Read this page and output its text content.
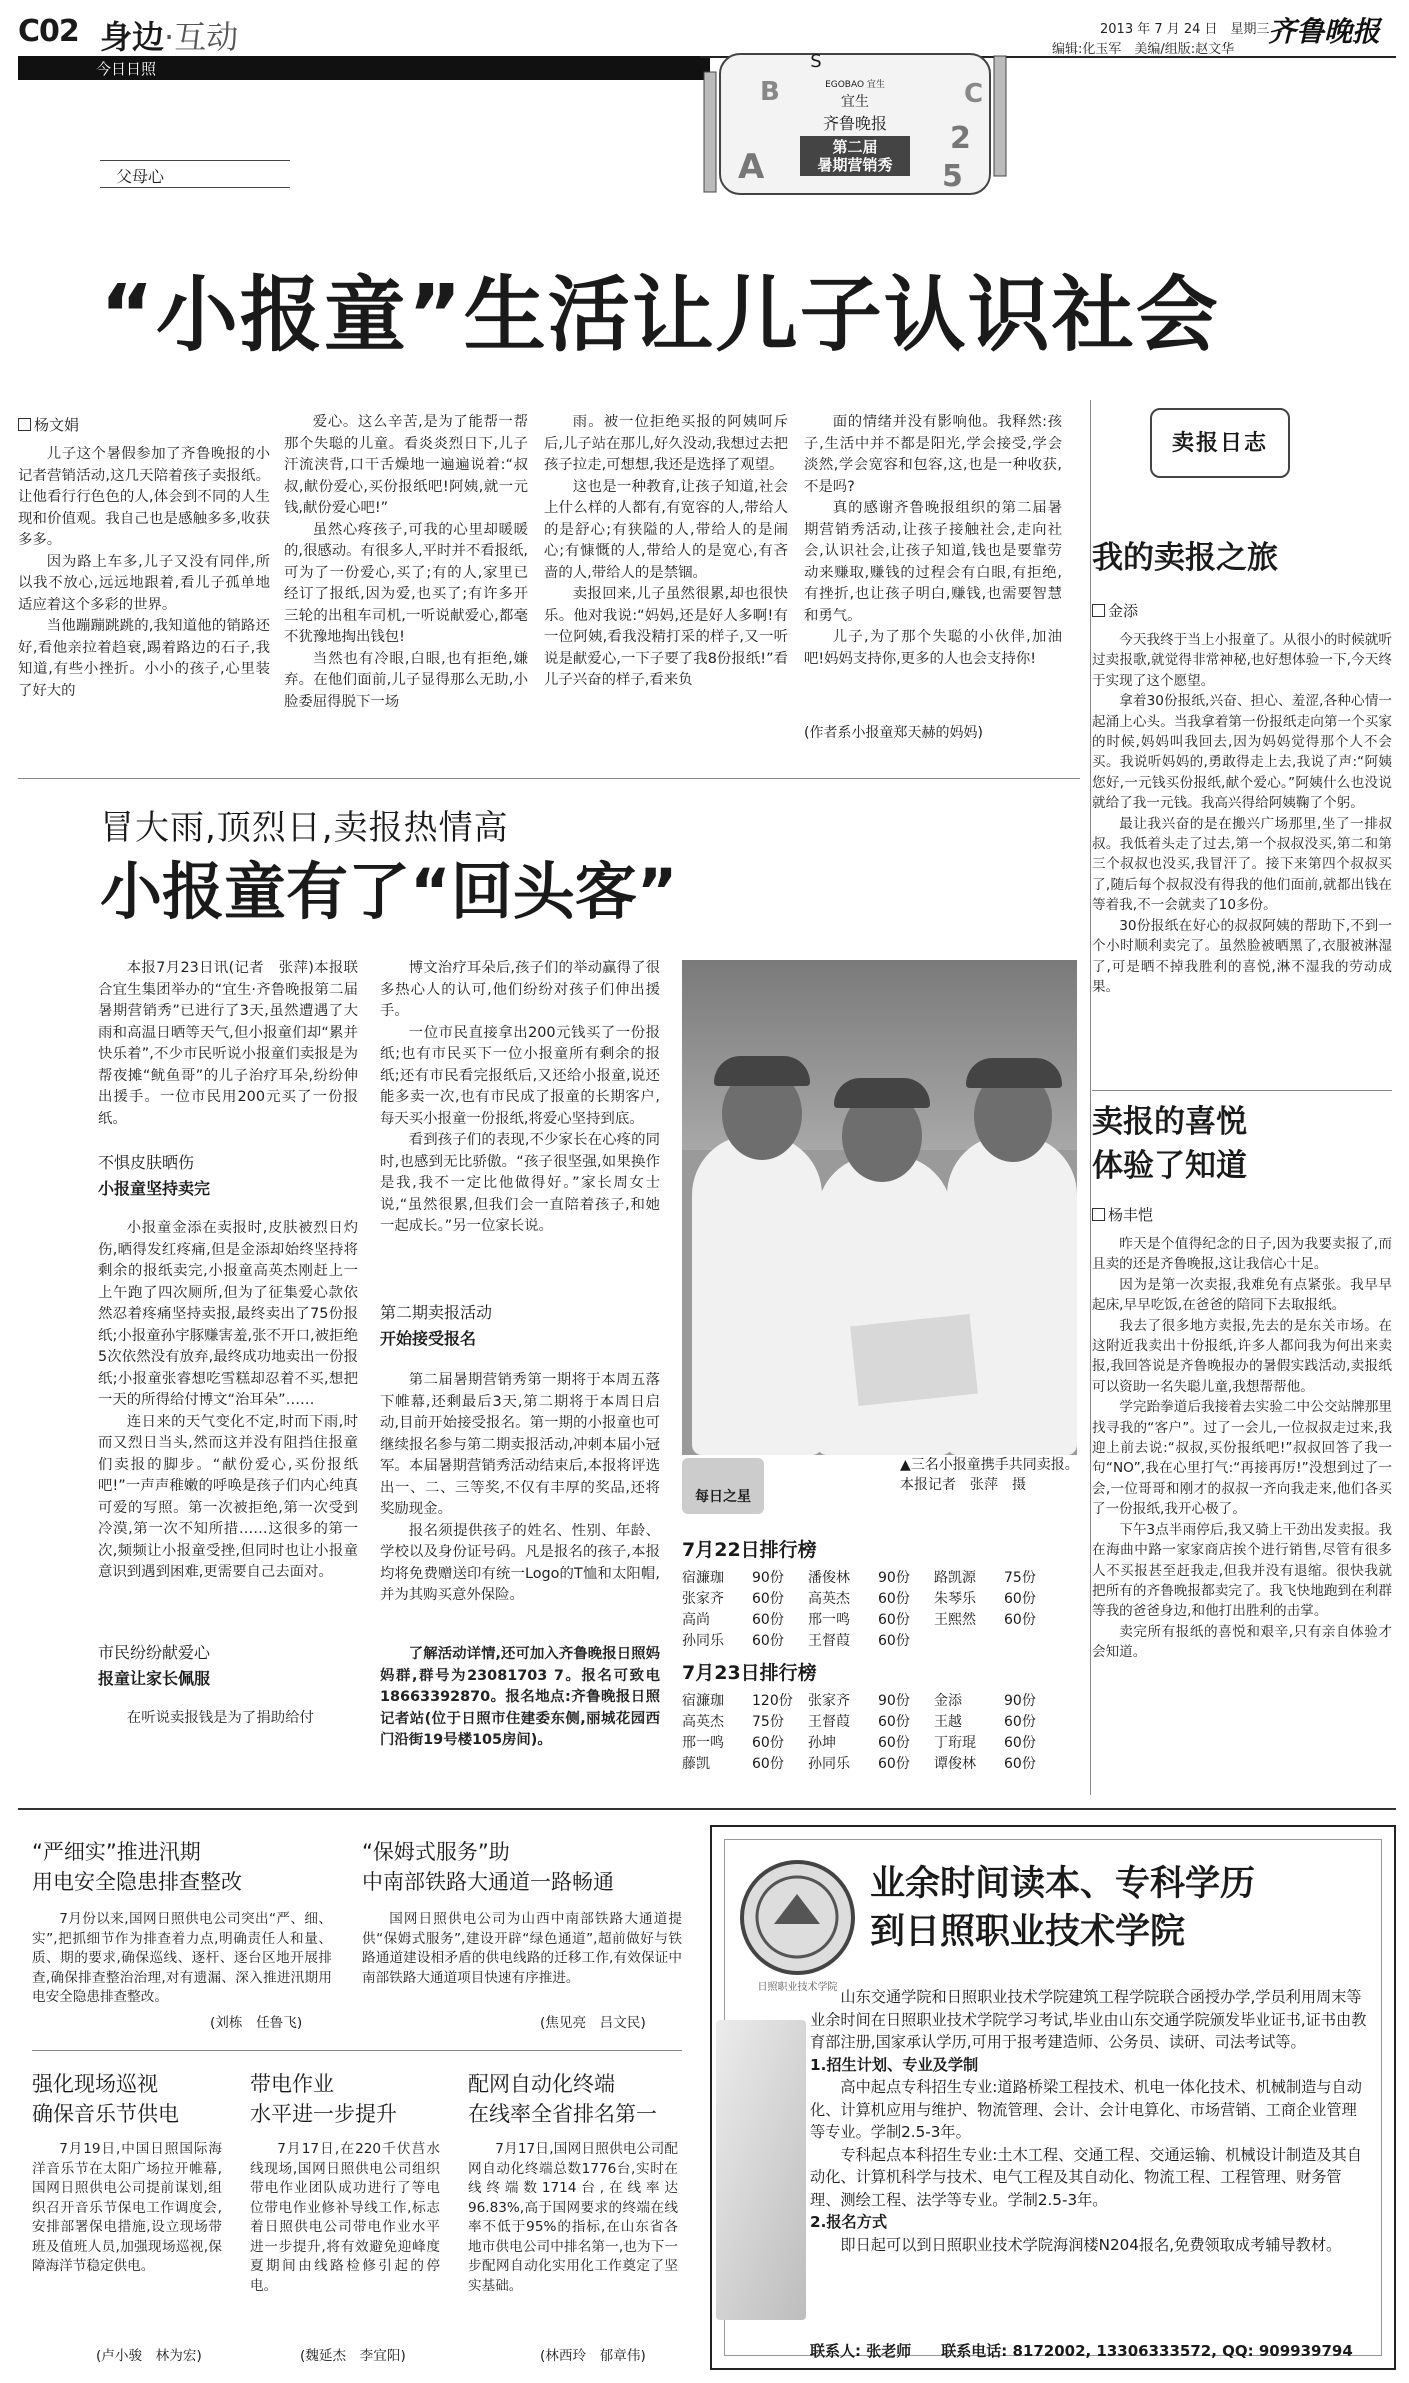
C02 身边·互动
今日日照
2013 年 7 月 24 日　星期三
编辑:化玉军　美编/组版:赵文华
齐鲁晚报
A
B	C
2
5
S
EGOBAO 宜生
宜生
齐鲁晚报
第二届
暑期营销秀
父母心
“小报童”生活让儿子认识社会
杨文娟

儿子这个暑假参加了齐鲁晚报的小记者营销活动,这几天陪着孩子卖报纸。让他看行行色色的人,体会到不同的人生现和价值观。我自己也是感触多多,收获多多。

因为路上车多,儿子又没有同伴,所以我不放心,远远地跟着,看儿子孤单地适应着这个多彩的世界。

当他蹦蹦跳跳的,我知道他的销路还好,看他亲拉着趋衰,踢着路边的石子,我知道,有些小挫折。小小的孩子,心里装了好大的

爱心。这么辛苦,是为了能帮一帮那个失聪的儿童。看炎炎烈日下,儿子汗流浃背,口干舌燥地一遍遍说着:“叔叔,献份爱心,买份报纸吧!阿姨,就一元钱,献份爱心吧!”

虽然心疼孩子,可我的心里却暖暖的,很感动。有很多人,平时并不看报纸,可为了一份爱心,买了;有的人,家里已经订了报纸,因为爱,也买了;有许多开三轮的出租车司机,一听说献爱心,都毫不犹豫地掏出钱包!

当然也有冷眼,白眼,也有拒绝,嫌弃。在他们面前,儿子显得那么无助,小脸委屈得脱下一场

雨。被一位拒绝买报的阿姨呵斥后,儿子站在那儿,好久没动,我想过去把孩子拉走,可想想,我还是选择了观望。

这也是一种教育,让孩子知道,社会上什么样的人都有,有宽容的人,带给人的是舒心;有狭隘的人,带给人的是闹心;有慷慨的人,带给人的是宽心,有吝啬的人,带给人的是禁锢。

卖报回来,儿子虽然很累,却也很快乐。他对我说:“妈妈,还是好人多啊!有一位阿姨,看我没精打采的样子,又一听说是献爱心,一下子要了我8份报纸!”看儿子兴奋的样子,看来负

面的情绪并没有影响他。我释然:孩子,生活中并不都是阳光,学会接受,学会淡然,学会宽容和包容,这,也是一种收获,不是吗?

真的感谢齐鲁晚报组织的第二届暑期营销秀活动,让孩子接触社会,走向社会,认识社会,让孩子知道,钱也是要靠劳动来赚取,赚钱的过程会有白眼,有拒绝,有挫折,也让孩子明白,赚钱,也需要智慧和勇气。

儿子,为了那个失聪的小伙伴,加油吧!妈妈支持你,更多的人也会支持你!

(作者系小报童郑天赫的妈妈)
冒大雨,顶烈日,卖报热情高
小报童有了“回头客”

本报7月23日讯(记者　张萍)本报联合宜生集团举办的“宜生·齐鲁晚报第二届暑期营销秀”已进行了3天,虽然遭遇了大雨和高温日晒等天气,但小报童们却“累并快乐着”,不少市民听说小报童们卖报是为帮夜摊“鱿鱼哥”的儿子治疗耳朵,纷纷伸出援手。一位市民用200元买了一份报纸。

不惧皮肤晒伤
小报童坚持卖完

小报童金添在卖报时,皮肤被烈日灼伤,晒得发红疼痛,但是金添却始终坚持将剩余的报纸卖完,小报童高英杰刚赶上一上午跑了四次厕所,但为了征集爱心款依然忍着疼痛坚持卖报,最终卖出了75份报纸;小报童孙宇豚赚害羞,张不开口,被拒绝5次依然没有放弃,最终成功地卖出一份报纸;小报童张睿想吃雪糕却忍着不买,想把一天的所得给付博文“治耳朵”……

连日来的天气变化不定,时而下雨,时而又烈日当头,然而这并没有阻挡住报童们卖报的脚步。“献份爱心,买份报纸吧!”一声声稚嫩的呼唤是孩子们内心纯真可爱的写照。第一次被拒绝,第一次受到冷漠,第一次不知所措……这很多的第一次,频频让小报童受挫,但同时也让小报童意识到遇到困难,更需要自己去面对。

市民纷纷献爱心
报童让家长佩服

在听说卖报钱是为了捐助给付

博文治疗耳朵后,孩子们的举动赢得了很多热心人的认可,他们纷纷对孩子们伸出援手。

一位市民直接拿出200元钱买了一份报纸;也有市民买下一位小报童所有剩余的报纸;还有市民看完报纸后,又还给小报童,说还能多卖一次,也有市民成了报童的长期客户,每天买小报童一份报纸,将爱心坚持到底。

看到孩子们的表现,不少家长在心疼的同时,也感到无比骄傲。“孩子很坚强,如果换作是我,我不一定比他做得好。”家长周女士说,“虽然很累,但我们会一直陪着孩子,和她一起成长。”另一位家长说。

第二期卖报活动
开始接受报名

第二届暑期营销秀第一期将于本周五落下帷幕,还剩最后3天,第二期将于本周日启动,目前开始接受报名。第一期的小报童也可继续报名参与第二期卖报活动,冲刺本届小冠军。本届暑期营销秀活动结束后,本报将评选出一、二、三等奖,不仅有丰厚的奖品,还将奖励现金。

报名须提供孩子的姓名、性别、年龄、学校以及身份证号码。凡是报名的孩子,本报均将免费赠送印有统一Logo的T恤和太阳帽,并为其购买意外保险。

了解活动详情,还可加入齐鲁晚报日照妈妈群,群号为23081703 7。报名可致电18663392870。报名地点:齐鲁晚报日照记者站(位于日照市住建委东侧,丽城花园西门沿街19号楼105房间)。

每日之星
▲三名小报童携手共同卖报。本报记者　张萍　摄
7月22日排行榜
宿濂珈 90份 潘俊林 90份 路凯源 75份
张家齐 60份 高英杰 60份 朱琴乐 60份
高尚	60份 邢一鸣 60份 王熙然 60份
孙同乐 60份 王督葭 60份
7月23日排行榜
宿濂珈 120份 张家齐 90份 金添	90份
高英杰 75份 王督葭 60份 王越	60份
邢一鸣 60份 孙坤	60份 丁珩琨 60份
藤凯	60份 孙同乐 60份 谭俊林 60份
卖报日志
我的卖报之旅
金添

今天我终于当上小报童了。从很小的时候就听过卖报歌,就觉得非常神秘,也好想体验一下,今天终于实现了这个愿望。

拿着30份报纸,兴奋、担心、羞涩,各种心情一起涌上心头。当我拿着第一份报纸走向第一个买家的时候,妈妈叫我回去,因为妈妈觉得那个人不会买。我说听妈妈的,勇敢得走上去,我说了声:“阿姨您好,一元钱买份报纸,献个爱心。”阿姨什么也没说就给了我一元钱。我高兴得给阿姨鞠了个躬。

最让我兴奋的是在搬兴广场那里,坐了一排叔叔。我低着头走了过去,第一个叔叔没买,第二和第三个叔叔也没买,我冒汗了。接下来第四个叔叔买了,随后每个叔叔没有得我的他们面前,就都出钱在等着我,不一会就卖了10多份。

30份报纸在好心的叔叔阿姨的帮助下,不到一个小时顺利卖完了。虽然脸被晒黑了,衣服被淋湿了,可是晒不掉我胜利的喜悦,淋不湿我的劳动成果。

卖报的喜悦
体验了知道
杨丰恺

昨天是个值得纪念的日子,因为我要卖报了,而且卖的还是齐鲁晚报,这让我信心十足。

因为是第一次卖报,我难免有点紧张。我早早起床,早早吃饭,在爸爸的陪同下去取报纸。

我去了很多地方卖报,先去的是东关市场。在这附近我卖出十份报纸,许多人都问我为何出来卖报,我回答说是齐鲁晚报办的暑假实践活动,卖报纸可以资助一名失聪儿童,我想帮帮他。

学完跆拳道后我接着去实验二中公交站牌那里找寻我的“客户”。过了一会儿,一位叔叔走过来,我迎上前去说:“叔叔,买份报纸吧!”叔叔回答了我一句“NO”,我在心里打气:“再接再厉!”没想到过了一会,一位哥哥和刚才的叔叔一齐向我走来,他们各买了一份报纸,我开心极了。

下午3点半雨停后,我又骑上干劲出发卖报。我在海曲中路一家家商店挨个进行销售,尽管有很多人不买报甚至赶我走,但我并没有退缩。很快我就把所有的齐鲁晚报都卖完了。我飞快地跑到在利群等我的爸爸身边,和他打出胜利的击掌。

卖完所有报纸的喜悦和艰辛,只有亲自体验才会知道。

“严细实”推进汛期
用电安全隐患排查整改

7月份以来,国网日照供电公司突出“严、细、实”,把抓细节作为排查着力点,明确责任人和量、质、期的要求,确保巡线、逐杆、逐台区地开展排查,确保排查整治治理,对有遗漏、深入推进汛期用电安全隐患排查整改。

(刘栋　任鲁飞)
“保姆式服务”助
中南部铁路大通道一路畅通

国网日照供电公司为山西中南部铁路大通道提供“保姆式服务”,建设开辟“绿色通道”,超前做好与铁路通道建设相矛盾的供电线路的迁移工作,有效保证中南部铁路大通道项目快速有序推进。

(焦见亮　吕文民)
强化现场巡视
确保音乐节供电

7月19日,中国日照国际海洋音乐节在太阳广场拉开帷幕,国网日照供电公司提前谋划,组织召开音乐节保电工作调度会,安排部署保电措施,设立现场带班及值班人员,加强现场巡视,保障海洋节稳定供电。

带电作业
水平进一步提升

7月17日,在220千伏莒水线现场,国网日照供电公司组织带电作业团队成功进行了等电位带电作业修补导线工作,标志着日照供电公司带电作业水平进一步提升,将有效避免迎峰度夏期间由线路检修引起的停电。

配网自动化终端
在线率全省排名第一

7月17日,国网日照供电公司配网自动化终端总数1776台,实时在线终端数1714台,在线率达96.83%,高于国网要求的终端在线率不低于95%的指标,在山东省各地市供电公司中排名第一,也为下一步配网自动化实用化工作奠定了坚实基础。

(卢小骏　林为宏)	(魏延杰　李宜阳)	(林西玲　郁章伟)
日照职业技术学院
业余时间读本、专科学历
到日照职业技术学院

山东交通学院和日照职业技术学院建筑工程学院联合函授办学,学员利用周末等业余时间在日照职业技术学院学习考试,毕业由山东交通学院颁发毕业证书,证书由教育部注册,国家承认学历,可用于报考建造师、公务员、读研、司法考试等。

1.招生计划、专业及学制

高中起点专科招生专业:道路桥梁工程技术、机电一体化技术、机械制造与自动化、计算机应用与维护、物流管理、会计、会计电算化、市场营销、工商企业管理等专业。学制2.5-3年。

专科起点本科招生专业:土木工程、交通工程、交通运输、机械设计制造及其自动化、计算机科学与技术、电气工程及其自动化、物流工程、工程管理、财务管理、测绘工程、法学等专业。学制2.5-3年。

2.报名方式

即日起可以到日照职业技术学院海润楼N204报名,免费领取成考辅导教材。

联系人: 张老师　　联系电话: 8172002, 13306333572, QQ: 909939794
